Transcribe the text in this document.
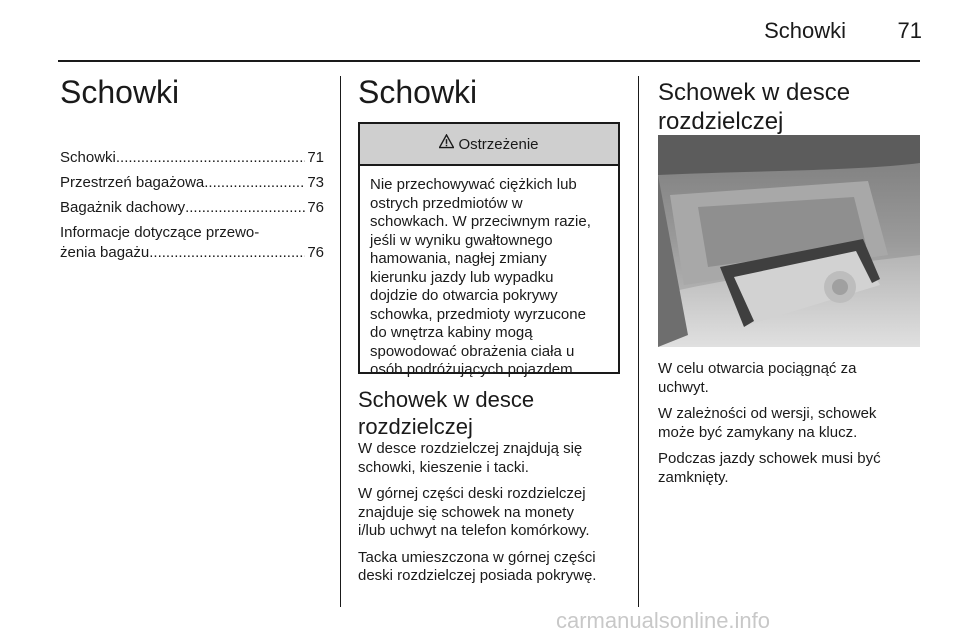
Schowki	71
Schowki
Schowki .....	71
Przestrzeń bagażowa .....	73
Bagażnik dachowy .....	76
Informacje dotyczące przewo-
żenia bagażu .....	76
Schowki
Ostrzeżenie
Nie przechowywać ciężkich lub
ostrych przedmiotów w
schowkach. W przeciwnym razie,
jeśli w wyniku gwałtownego
hamowania, nagłej zmiany
kierunku jazdy lub wypadku
dojdzie do otwarcia pokrywy
schowka, przedmioty wyrzucone
do wnętrza kabiny mogą
spowodować obrażenia ciała u
osób podróżujących pojazdem.
Schowek w desce
rozdzielczej

W desce rozdzielczej znajdują się
schowki, kieszenie i tacki.

W górnej części deski rozdzielczej
znajduje się schowek na monety
i/lub uchwyt na telefon komórkowy.

Tacka umieszczona w górnej części
deski rozdzielczej posiada pokrywę.

Schowek w desce
rozdzielczej

W celu otwarcia pociągnąć za
uchwyt.

W zależności od wersji, schowek
może być zamykany na klucz.

Podczas jazdy schowek musi być
zamknięty.

carmanualsonline.info
